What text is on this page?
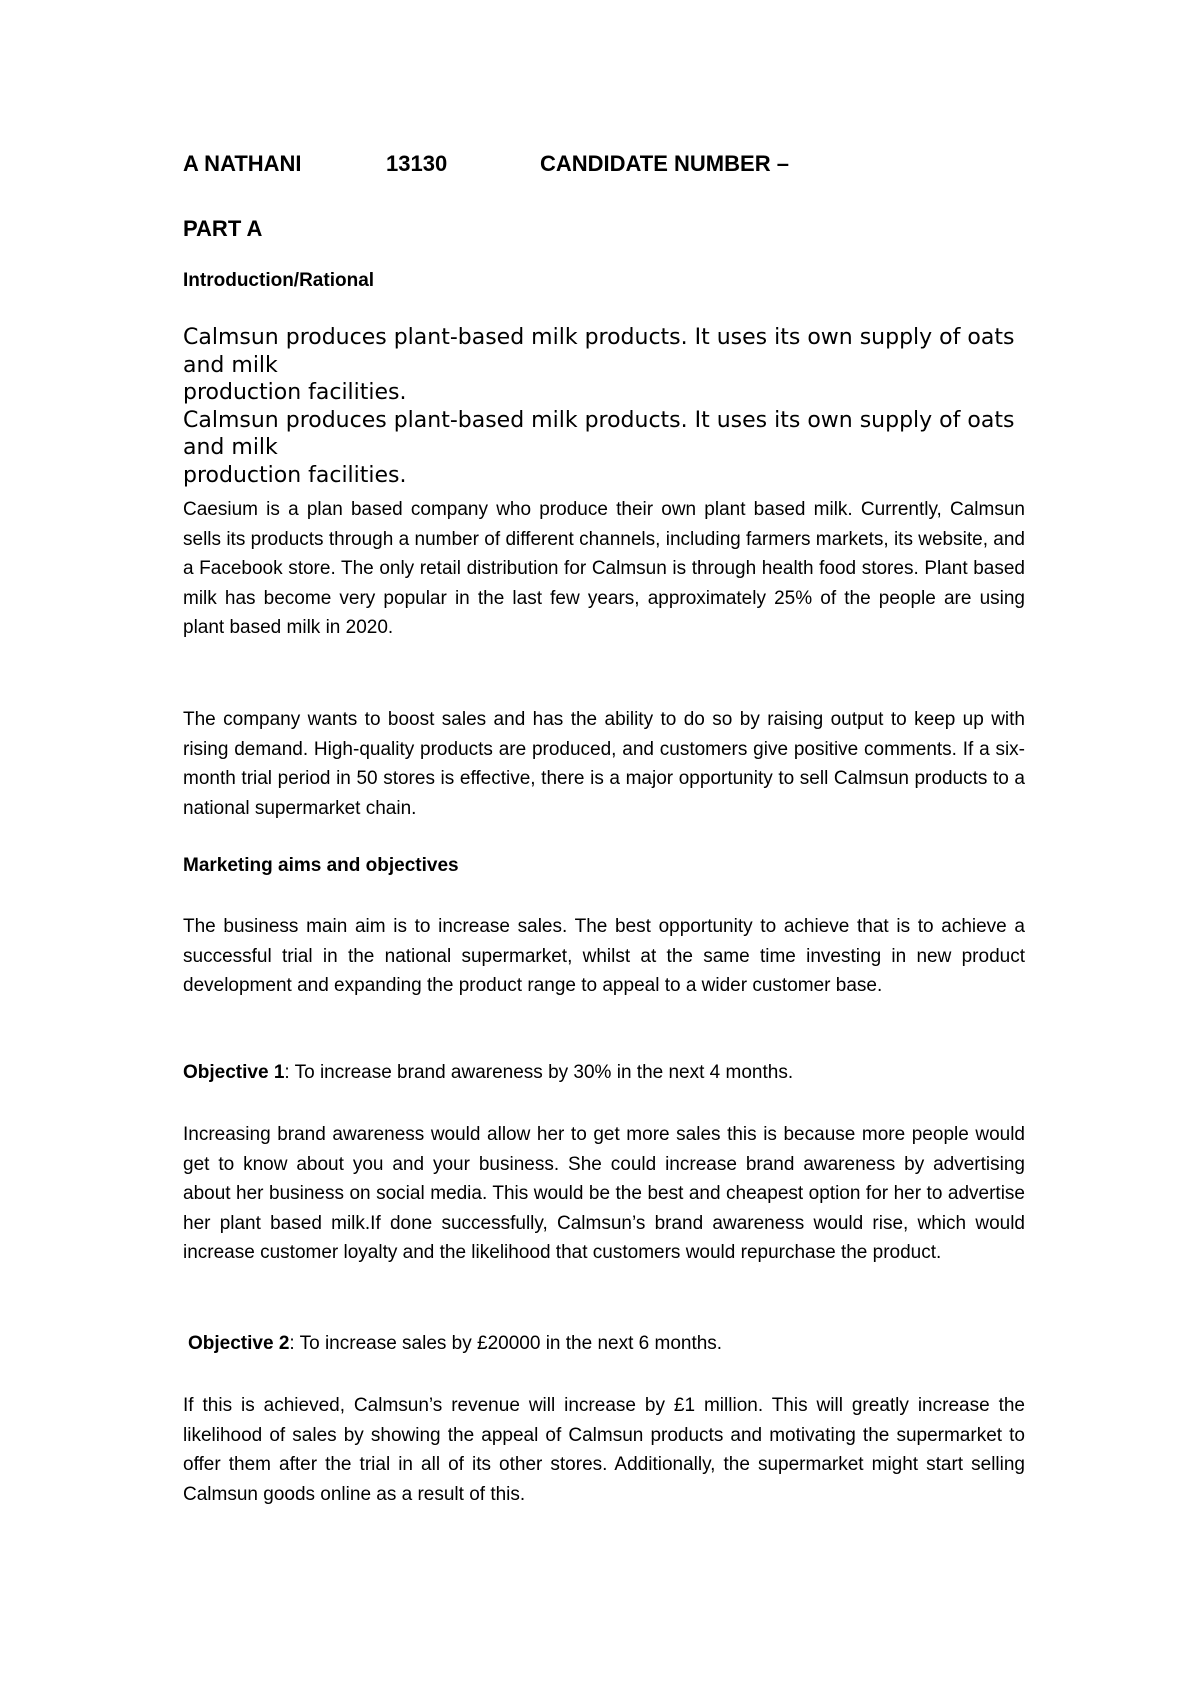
A NATHANI	13130	CANDIDATE NUMBER –
PART A
Introduction/Rational
Calmsun produces plant-based milk products. It uses its own supply of oats and milk
production facilities.
Calmsun produces plant-based milk products. It uses its own supply of oats and milk
production facilities.
Caesium is a plan based company who produce their own plant based milk. Currently, Calmsun sells its products through a number of different channels, including farmers markets, its website, and a Facebook store. The only retail distribution for Calmsun is through health food stores. Plant based milk has become very popular in the last few years, approximately 25% of the people are using plant based milk in 2020.
The company wants to boost sales and has the ability to do so by raising output to keep up with rising demand. High-quality products are produced, and customers give positive comments. If a six-month trial period in 50 stores is effective, there is a major opportunity to sell Calmsun products to a national supermarket chain.
Marketing aims and objectives
The business main aim is to increase sales. The best opportunity to achieve that is to achieve a successful trial in the national supermarket, whilst at the same time investing in new product development and expanding the product range to appeal to a wider customer base.
Objective 1: To increase brand awareness by 30% in the next 4 months.
Increasing brand awareness would allow her to get more sales this is because more people would get to know about you and your business. She could increase brand awareness by advertising about her business on social media. This would be the best and cheapest option for her to advertise her plant based milk.If done successfully, Calmsun’s brand awareness would rise, which would increase customer loyalty and the likelihood that customers would repurchase the product.
Objective 2: To increase sales by £20000 in the next 6 months.
If this is achieved, Calmsun’s revenue will increase by £1 million. This will greatly increase the likelihood of sales by showing the appeal of Calmsun products and motivating the supermarket to offer them after the trial in all of its other stores. Additionally, the supermarket might start selling Calmsun goods online as a result of this.
